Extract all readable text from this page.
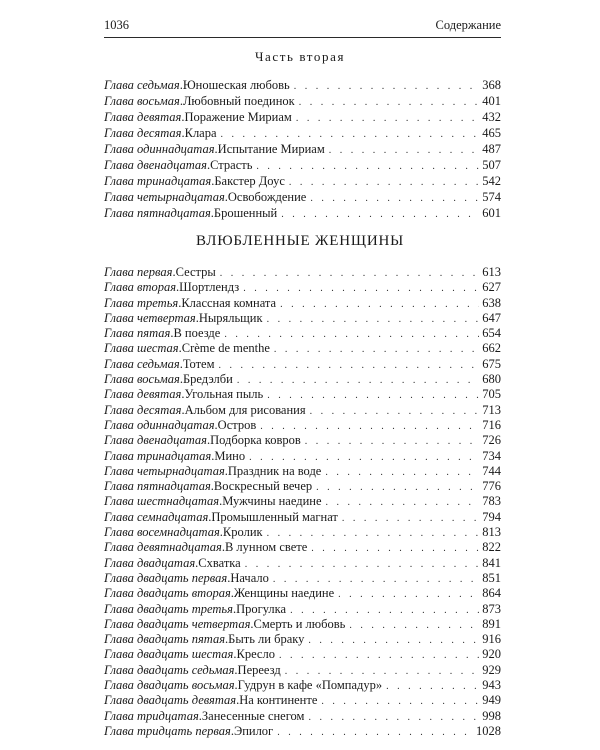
1036	Содержание
Часть вторая
Глава седьмая . Юношеская любовь . . .	368
Глава восьмая . Любовный поединок . . .	401
Глава девятая . Поражение Мириам . . .	432
Глава десятая . Клара . . .	465
Глава одиннадцатая . Испытание Мириам . . .	487
Глава двенадцатая . Страсть . . .	507
Глава тринадцатая . Бакстер Доус . . .	542
Глава четырнадцатая . Освобождение . . .	574
Глава пятнадцатая . Брошенный . . .	601
ВЛЮБЛЕННЫЕ ЖЕНЩИНЫ
Глава первая . Сестры . . .	613
Глава вторая . Шортлендз . . .	627
Глава третья . Классная комната . . .	638
Глава четвертая . Ныряльщик . . .	647
Глава пятая . В поезде . . .	654
Глава шестая . Crème de menthe . . .	662
Глава седьмая . Тотем . . .	675
Глава восьмая . Бредэлби . . .	680
Глава девятая . Угольная пыль . . .	705
Глава десятая . Альбом для рисования . . .	713
Глава одиннадцатая . Остров . . .	716
Глава двенадцатая . Подборка ковров . . .	726
Глава тринадцатая . Мино . . .	734
Глава четырнадцатая . Праздник на воде . . .	744
Глава пятнадцатая . Воскресный вечер . . .	776
Глава шестнадцатая . Мужчины наедине . . .	783
Глава семнадцатая . Промышленный магнат . . .	794
Глава восемнадцатая . Кролик . . .	813
Глава девятнадцатая . В лунном свете . . .	822
Глава двадцатая . Схватка . . .	841
Глава двадцать первая . Начало . . .	851
Глава двадцать вторая . Женщины наедине . . .	864
Глава двадцать третья . Прогулка . . .	873
Глава двадцать четвертая . Смерть и любовь . . .	891
Глава двадцать пятая . Быть ли браку . . .	916
Глава двадцать шестая . Кресло . . .	920
Глава двадцать седьмая . Переезд . . .	929
Глава двадцать восьмая . Гудрун в кафе «Помпадур» . . .	943
Глава двадцать девятая . На континенте . . .	949
Глава тридцатая . Занесенные снегом . . .	998
Глава тридцать первая . Эпилог . . .	1028
